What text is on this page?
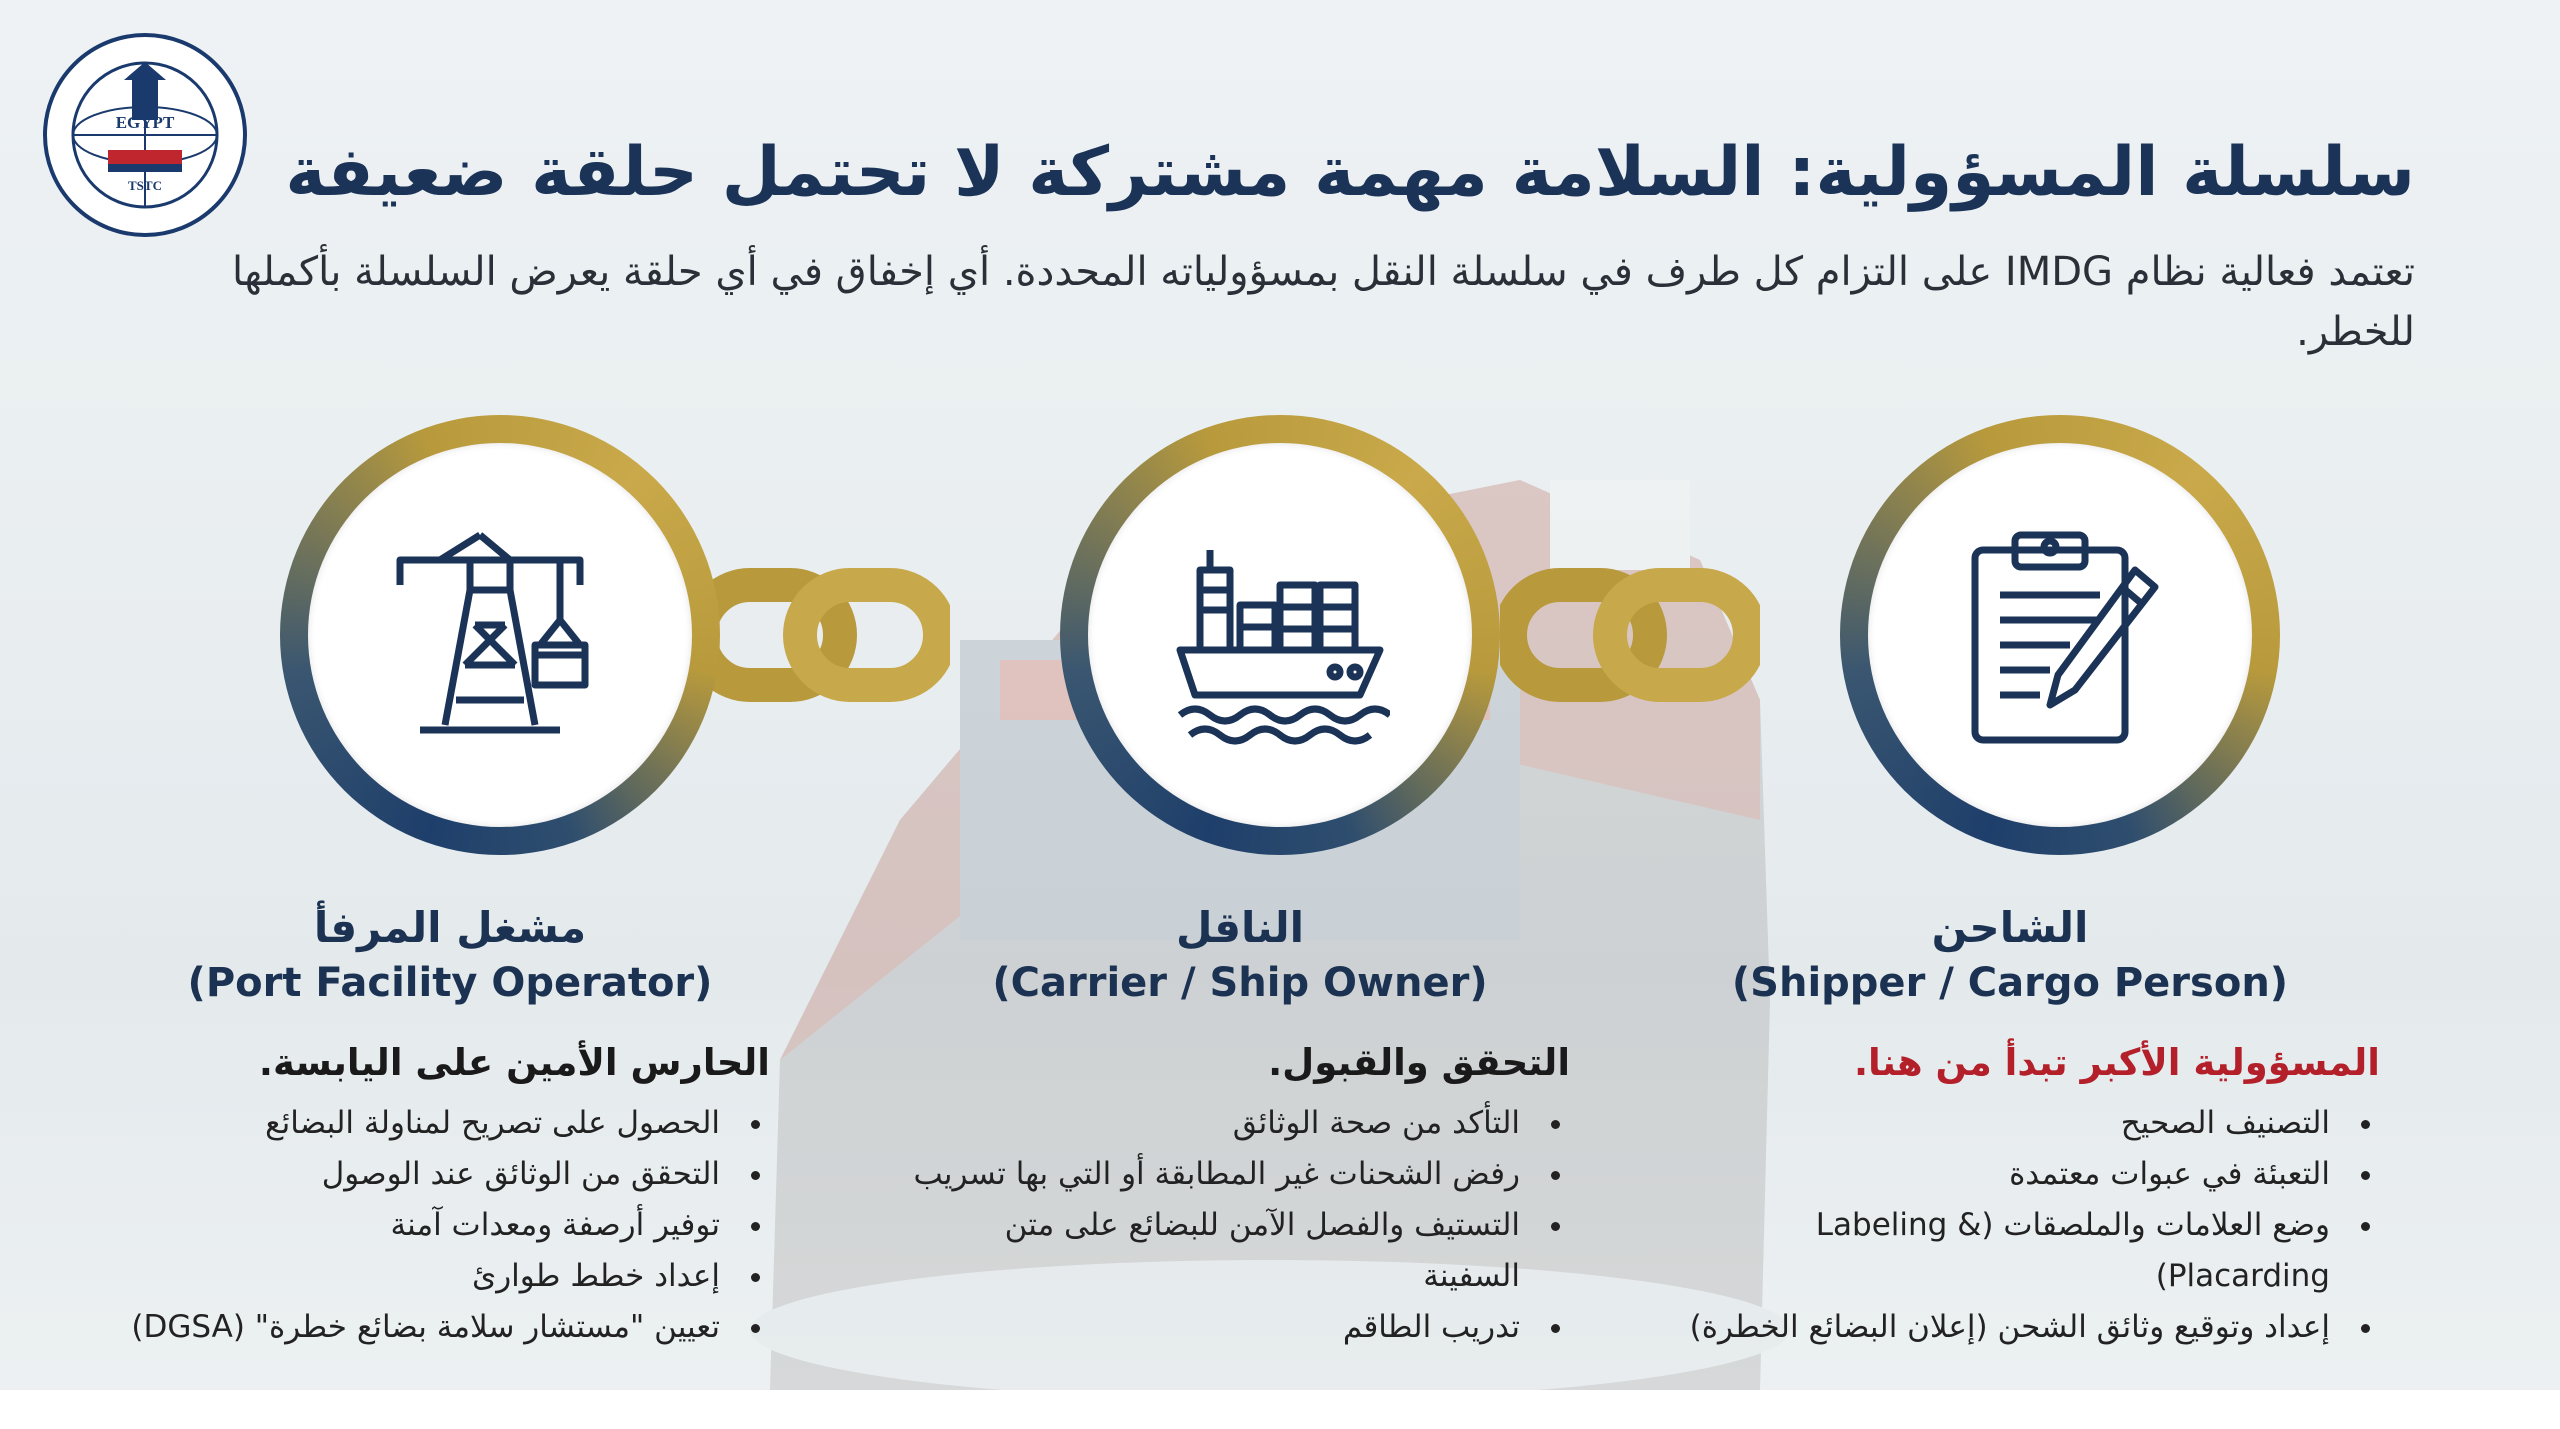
EGYPT
TSTC سلسلة المسؤولية: السلامة مهمة مشتركة لا تحتمل حلقة ضعيفة
تعتمد فعالية نظام IMDG على التزام كل طرف في سلسلة النقل بمسؤولياته المحددة. أي إخفاق في أي حلقة يعرض السلسلة بأكملها للخطر.
مشغل المرفأ
(Port Facility Operator)
الحارس الأمين على اليابسة.
الحصول على تصريح لمناولة البضائع
التحقق من الوثائق عند الوصول
توفير أرصفة ومعدات آمنة
إعداد خطط طوارئ
تعيين "مستشار سلامة بضائع خطرة" (DGSA)
الناقل
(Carrier / Ship Owner)
التحقق والقبول.
التأكد من صحة الوثائق
رفض الشحنات غير المطابقة أو التي بها تسريب
التستيف والفصل الآمن للبضائع على متن السفينة
تدريب الطاقم
الشاحن
(Shipper / Cargo Person)
المسؤولية الأكبر تبدأ من هنا.
التصنيف الصحيح
التعبئة في عبوات معتمدة
وضع العلامات والملصقات (Labeling & Placarding)
إعداد وتوقيع وثائق الشحن (إعلان البضائع الخطرة)
